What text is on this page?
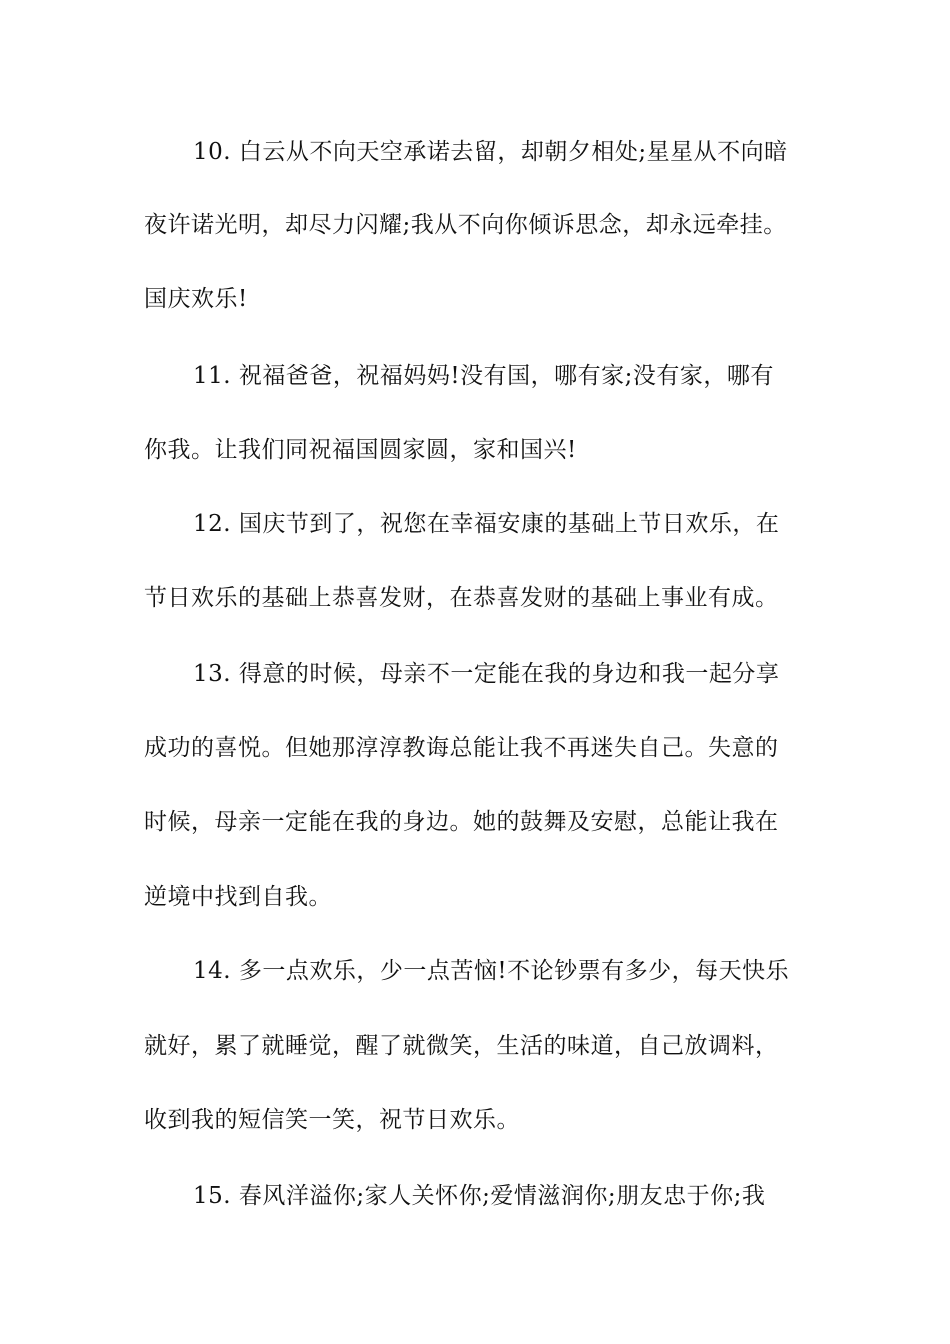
10. 白云从不向天空承诺去留，却朝夕相处;星星从不向暗
夜许诺光明，却尽力闪耀;我从不向你倾诉思念，却永远牵挂。
国庆欢乐!
11. 祝福爸爸，祝福妈妈!没有国，哪有家;没有家，哪有
你我。让我们同祝福国圆家圆，家和国兴!
12. 国庆节到了，祝您在幸福安康的基础上节日欢乐，在
节日欢乐的基础上恭喜发财，在恭喜发财的基础上事业有成。
13. 得意的时候，母亲不一定能在我的身边和我一起分享
成功的喜悦。但她那淳淳教诲总能让我不再迷失自己。失意的
时候，母亲一定能在我的身边。她的鼓舞及安慰，总能让我在
逆境中找到自我。
14. 多一点欢乐，少一点苦恼!不论钞票有多少，每天快乐
就好，累了就睡觉，醒了就微笑，生活的味道，自己放调料，
收到我的短信笑一笑，祝节日欢乐。
15. 春风洋溢你;家人关怀你;爱情滋润你;朋友忠于你;我
